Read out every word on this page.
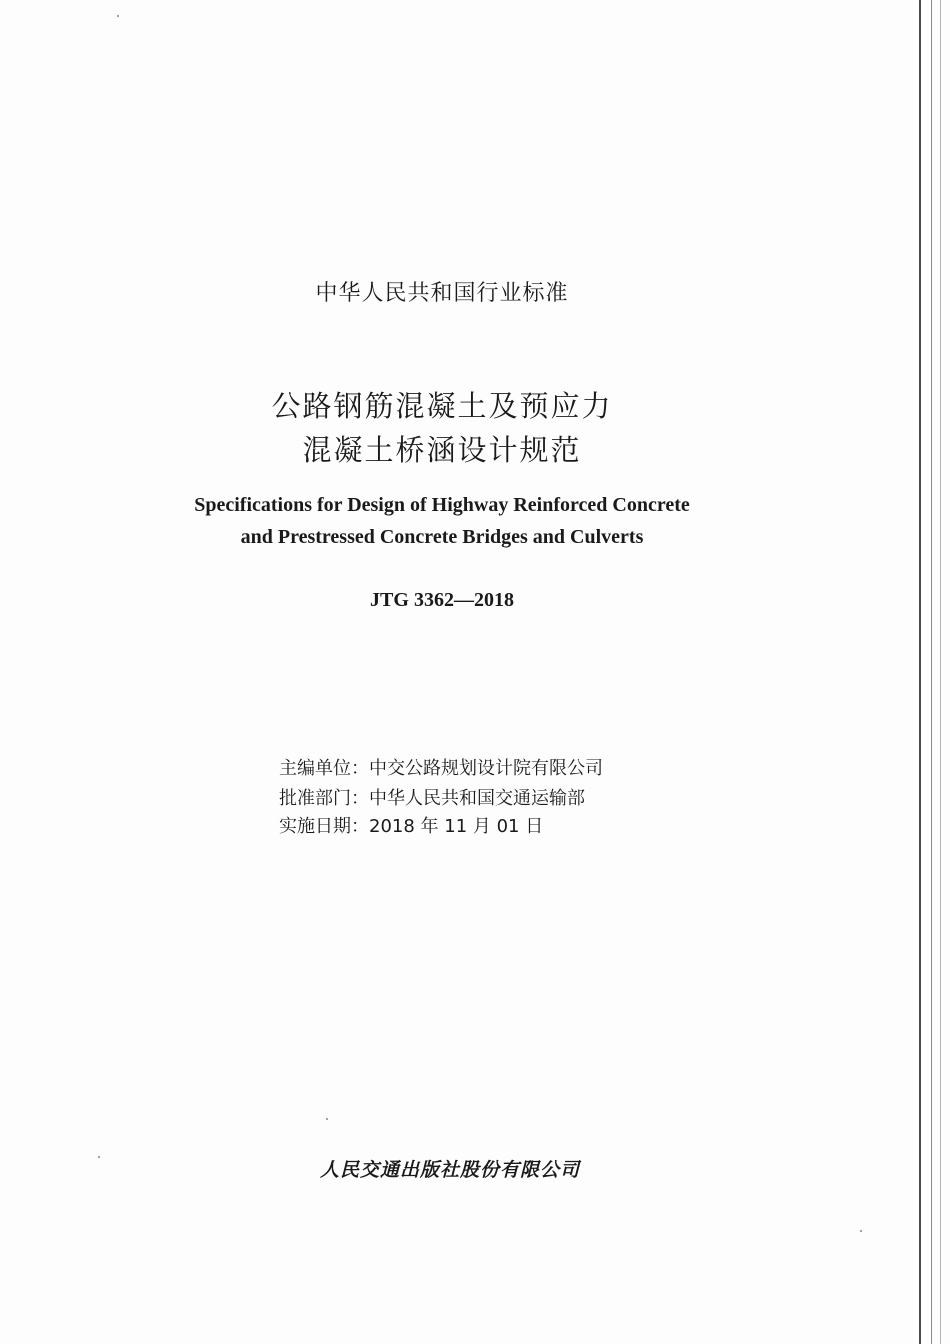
中华人民共和国行业标准
公路钢筋混凝土及预应力
混凝土桥涵设计规范
Specifications for Design of Highway Reinforced Concrete
and Prestressed Concrete Bridges and Culverts
JTG 3362—2018
主编单位：中交公路规划设计院有限公司
批准部门：中华人民共和国交通运输部
实施日期：2018 年 11 月 01 日
人民交通出版社股份有限公司
